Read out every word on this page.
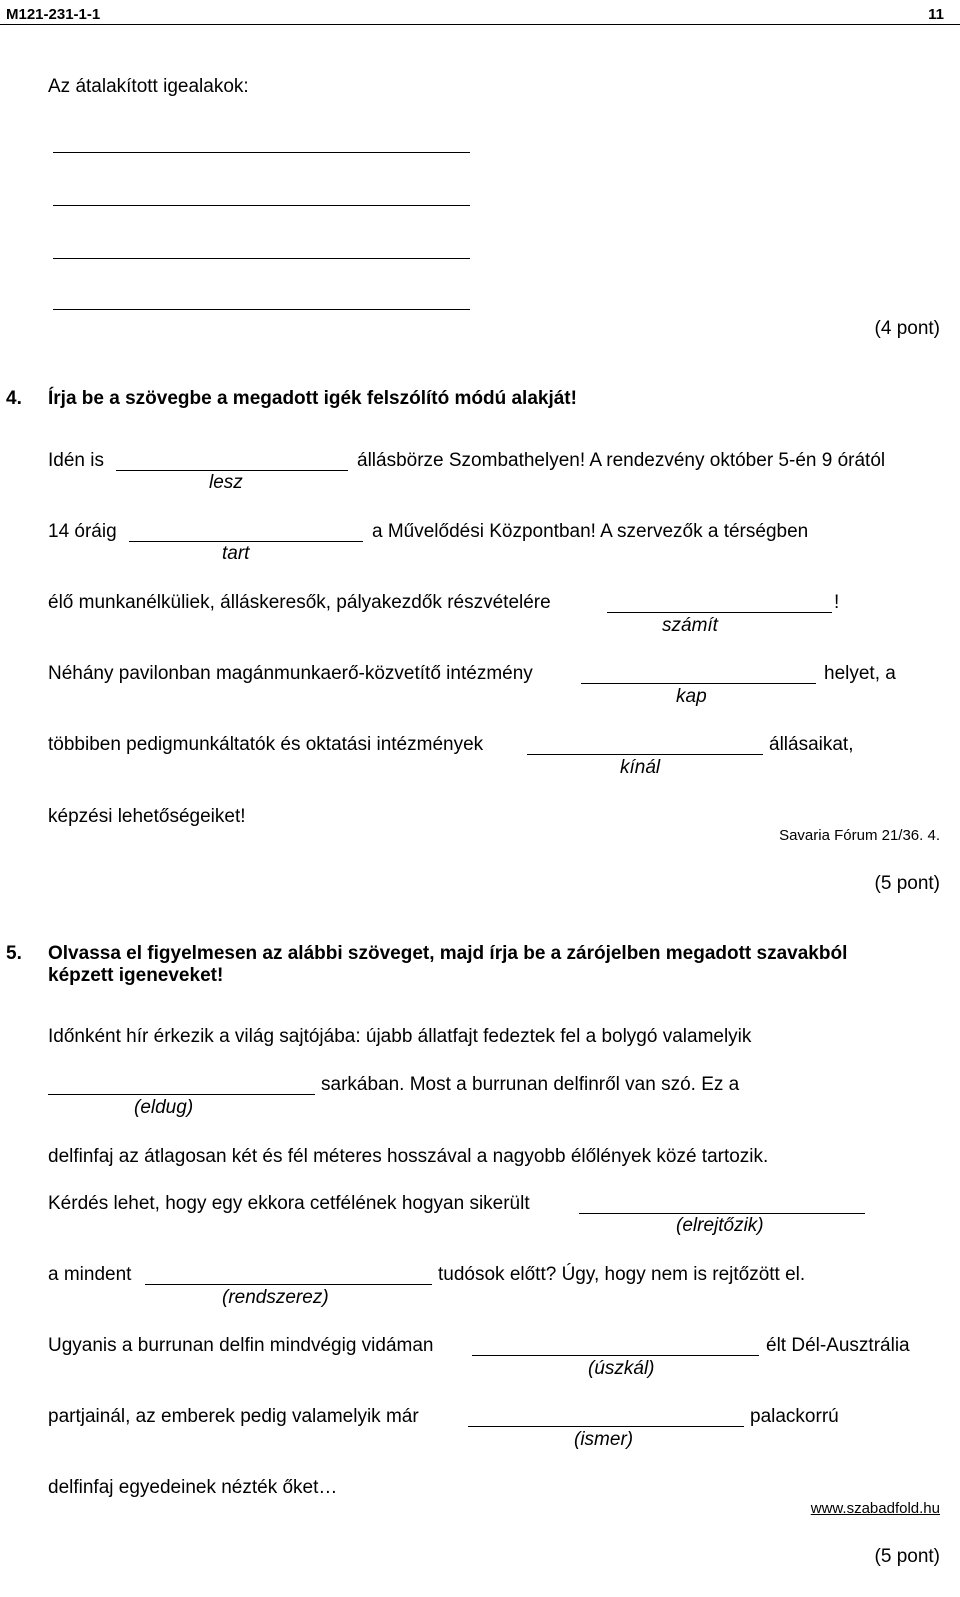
M121-231-1-1	11
Az átalakított igealakok:
(4 pont)
4. Írja be a szövegbe a megadott igék felszólító módú alakját!
Idén is	állásbörze Szombathelyen! A rendezvény október 5-én 9 órától
lesz
14 óráig	a Művelődési Központban! A szervezők a térségben
tart
élő munkanélküliek, álláskeresők, pályakezdők részvételére	!
számít
Néhány pavilonban magánmunkaerő-közvetítő intézmény	helyet, a
kap
többiben pedigmunkáltatók és oktatási intézmények	állásaikat,
kínál
képzési lehetőségeiket!
Savaria Fórum 21/36. 4.
(5 pont)
5. Olvassa el figyelmesen az alábbi szöveget, majd írja be a zárójelben megadott szavakból
képzett igeneveket!
Időnként hír érkezik a világ sajtójába: újabb állatfajt fedeztek fel a bolygó valamelyik
sarkában. Most a burrunan delfinről van szó. Ez a
(eldug)
delfinfaj az átlagosan két és fél méteres hosszával a nagyobb élőlények közé tartozik.
Kérdés lehet, hogy egy ekkora cetfélének hogyan sikerült
(elrejtőzik)
a mindent	tudósok előtt? Úgy, hogy nem is rejtőzött el.
(rendszerez)
Ugyanis a burrunan delfin mindvégig vidáman	élt Dél-Ausztrália
(úszkál)
partjainál, az emberek pedig valamelyik már	palackorrú
(ismer)
delfinfaj egyedeinek nézték őket…
www.szabadfold.hu
(5 pont)
